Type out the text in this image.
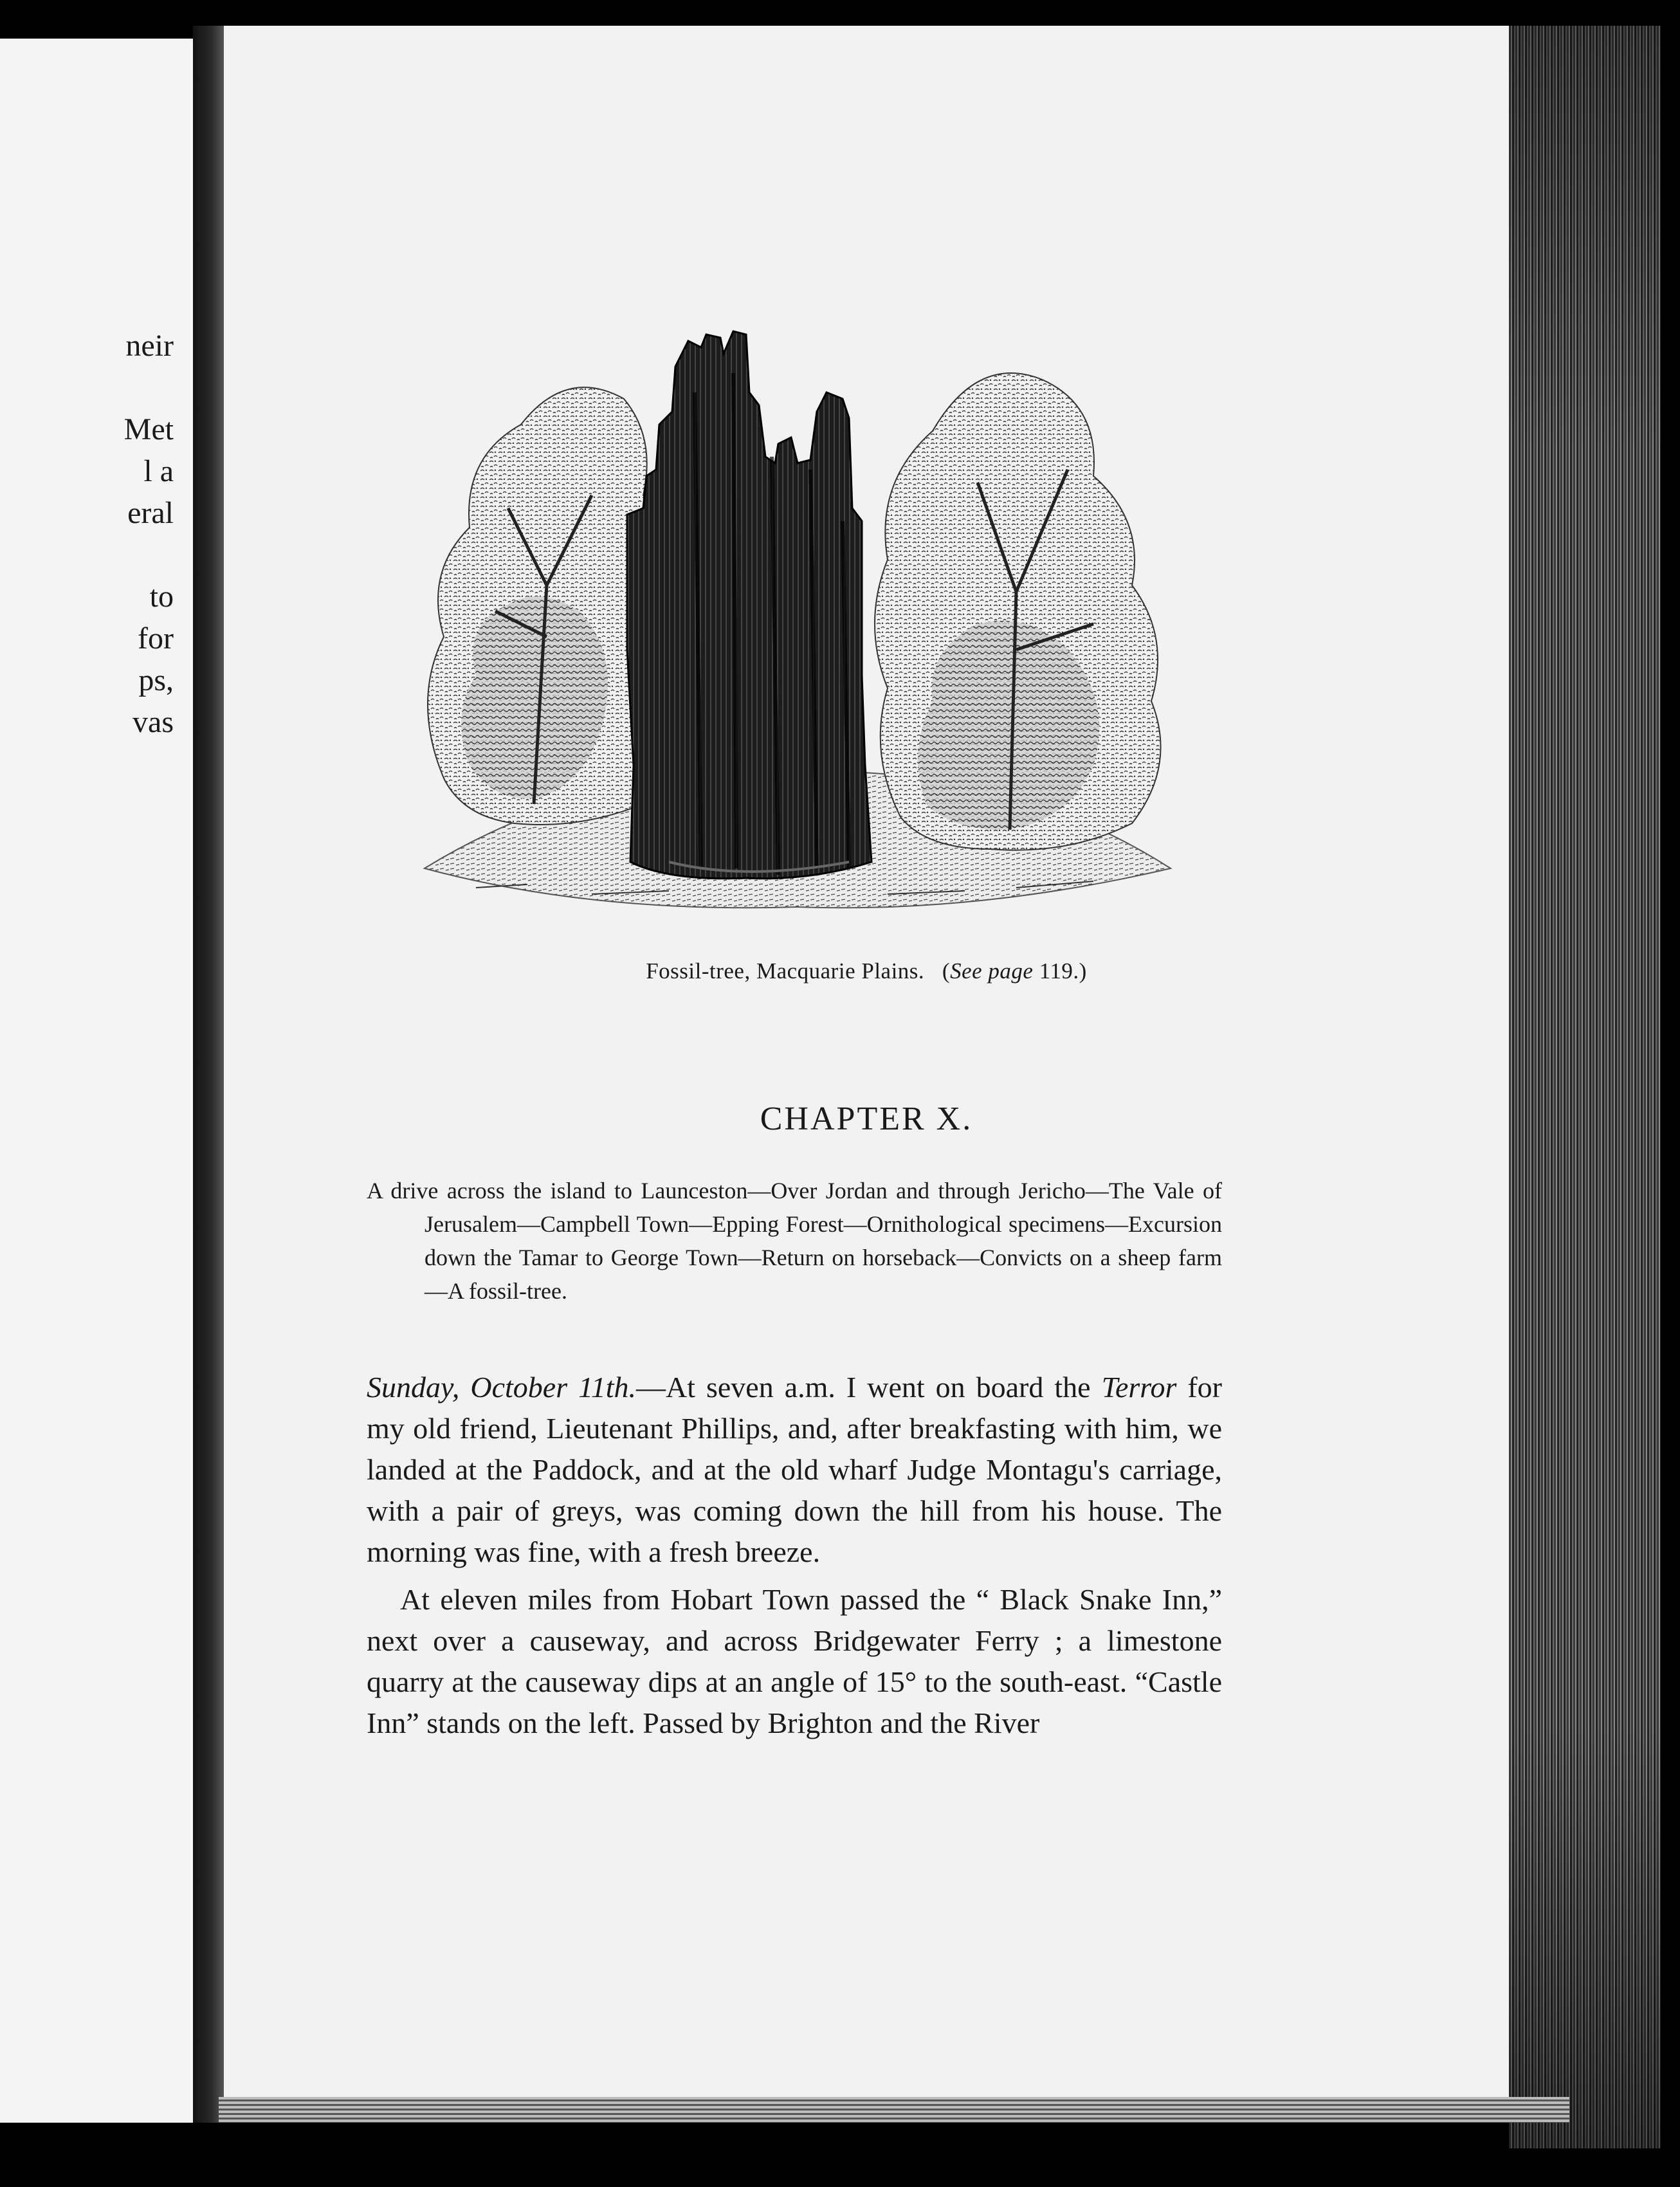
neir
Met
l a
eral
to
for
ps,
vas
Fossil-tree, Macquarie Plains. (See page 119.)
CHAPTER X.
A drive across the island to Launceston—Over Jordan and through Jericho—The Vale of Jerusalem—Campbell Town—Epping Forest—Ornithological specimens—Excursion down the Tamar to George Town—Return on horseback—Convicts on a sheep farm—A fossil-tree.

Sunday, October 11th.—At seven a.m. I went on board the Terror for my old friend, Lieutenant Phillips, and, after breakfasting with him, we landed at the Paddock, and at the old wharf Judge Montagu's carriage, with a pair of greys, was coming down the hill from his house. The morning was fine, with a fresh breeze.

At eleven miles from Hobart Town passed the “ Black Snake Inn,” next over a causeway, and across Bridgewater Ferry ; a limestone quarry at the causeway dips at an angle of 15° to the south-east. “Castle Inn” stands on the left. Passed by Brighton and the River
